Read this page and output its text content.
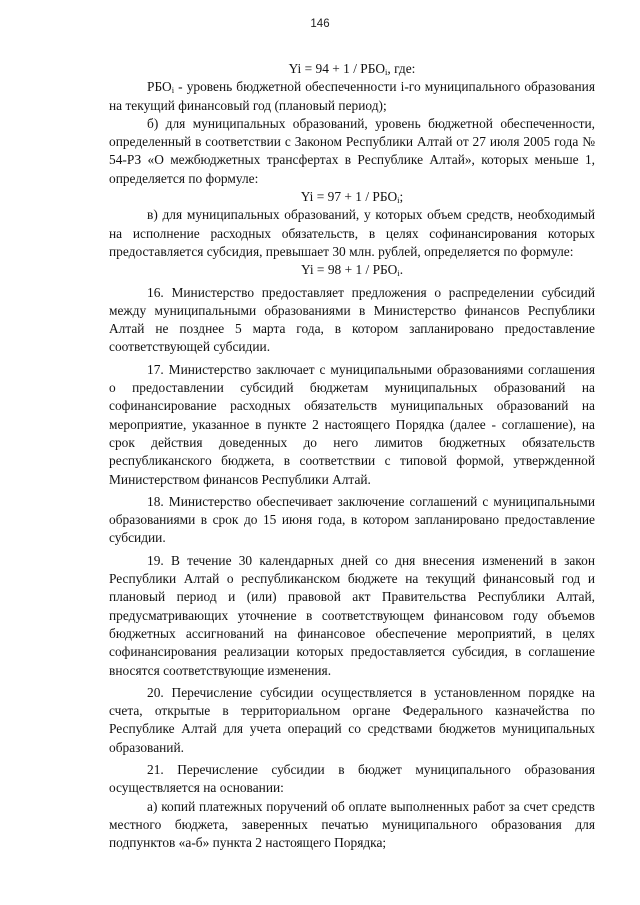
146

$Yi = 94 + 1 / РБО_i$, где:

$РБО_i$ - уровень бюджетной обеспеченности i-го муниципального образования на текущий финансовый год (плановый период);

б) для муниципальных образований, уровень бюджетной обеспеченности, определенный в соответствии с Законом Республики Алтай от 27 июля 2005 года № 54-РЗ «О межбюджетных трансфертах в Республике Алтай», которых меньше 1, определяется по формуле:

$Yi = 97 + 1 / РБО_i$;

в) для муниципальных образований, у которых объем средств, необходимый на исполнение расходных обязательств, в целях софинансирования которых предоставляется субсидия, превышает 30 млн. рублей, определяется по формуле:

$Yi = 98 + 1 / РБО_i$.

16. Министерство предоставляет предложения о распределении субсидий между муниципальными образованиями в Министерство финансов Республики Алтай не позднее 5 марта года, в котором запланировано предоставление соответствующей субсидии.

17. Министерство заключает с муниципальными образованиями соглашения о предоставлении субсидий бюджетам муниципальных образований на софинансирование расходных обязательств муниципальных образований на мероприятие, указанное в пункте 2 настоящего Порядка (далее - соглашение), на срок действия доведенных до него лимитов бюджетных обязательств республиканского бюджета, в соответствии с типовой формой, утвержденной Министерством финансов Республики Алтай.

18. Министерство обеспечивает заключение соглашений с муниципальными образованиями в срок до 15 июня года, в котором запланировано предоставление субсидии.

19. В течение 30 календарных дней со дня внесения изменений в закон Республики Алтай о республиканском бюджете на текущий финансовый год и плановый период и (или) правовой акт Правительства Республики Алтай, предусматривающих уточнение в соответствующем финансовом году объемов бюджетных ассигнований на финансовое обеспечение мероприятий, в целях софинансирования реализации которых предоставляется субсидия, в соглашение вносятся соответствующие изменения.

20. Перечисление субсидии осуществляется в установленном порядке на счета, открытые в территориальном органе Федерального казначейства по Республике Алтай для учета операций со средствами бюджетов муниципальных образований.

21. Перечисление субсидии в бюджет муниципального образования осуществляется на основании:

а) копий платежных поручений об оплате выполненных работ за счет средств местного бюджета, заверенных печатью муниципального образования для подпунктов «а-б» пункта 2 настоящего Порядка;
